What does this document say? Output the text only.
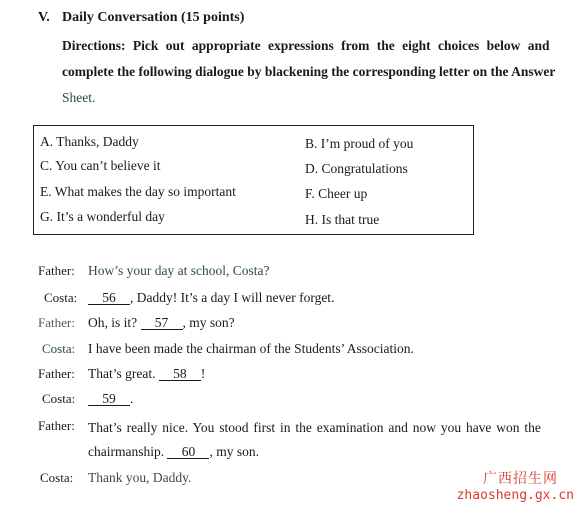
V. Daily Conversation (15 points)
Directions : Pick out appropriate expressions from the eight choices below and
complete the following dialogue by blackening the corresponding letter on the Answer
Sheet.
A. Thanks, Daddy	B. I’m proud of you
C. You can’t believe it	D. Congratulations
E. What makes the day so important	F. Cheer up
G. It’s a wonderful day	H. Is that true
Father: How’s your day at school, Costa?
Costa:	56 , Daddy! It’s a day I will never forget.
Father: Oh, is it? 57 , my son?
Costa: I have been made the chairman of the Students’ Association.
Father: That’s great. 58 !
Costa:	59 .
Father: That’s really nice. You stood first in the examination and now you have won the
chairmanship. 60 , my son.
Costa: Thank you, Daddy.	广西招生网
zhaosheng.gx.cn
